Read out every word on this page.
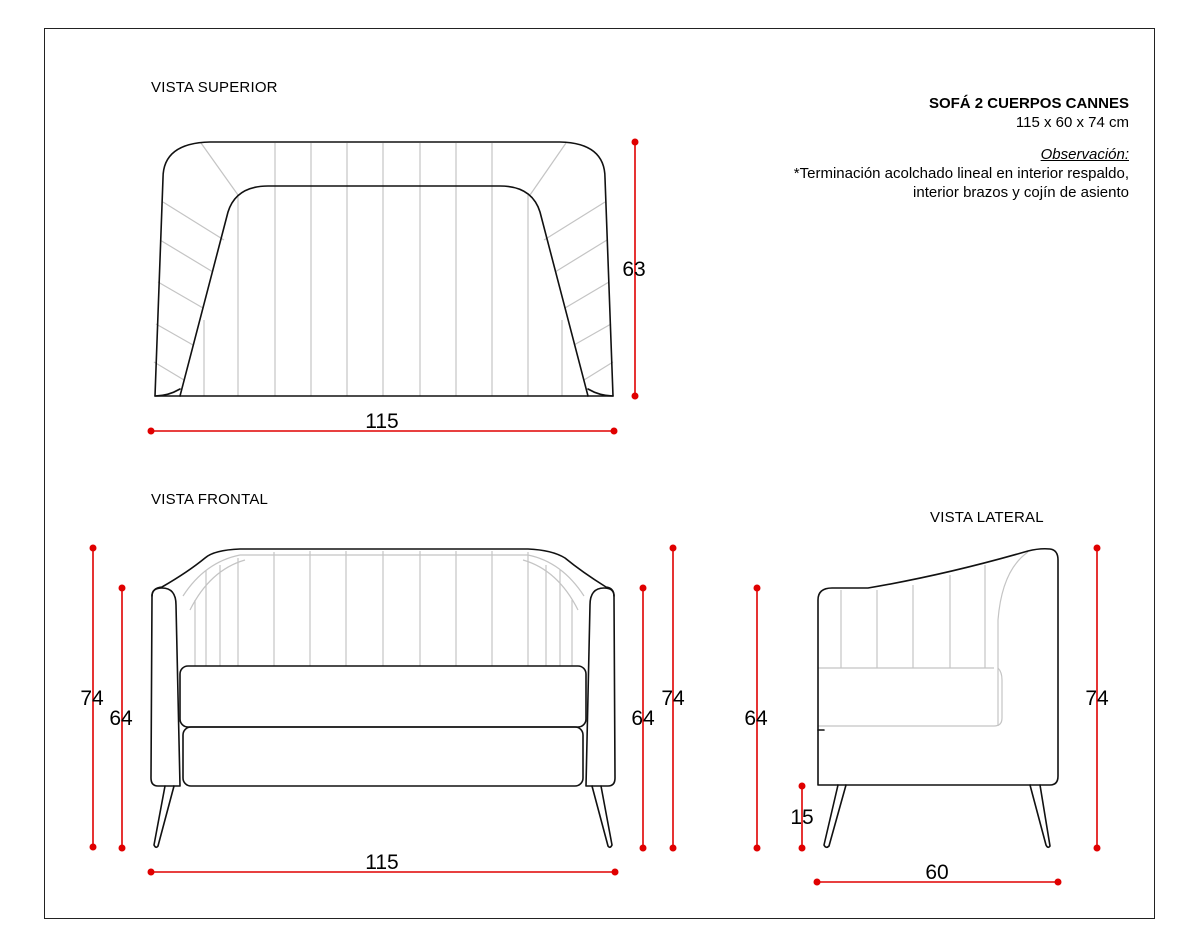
VISTA SUPERIOR
VISTA FRONTAL
VISTA LATERAL
SOFÁ 2 CUERPOS CANNES
115 x 60 x 74 cm
Observación:
*Terminación acolchado lineal en interior respaldo,
interior brazos y cojín de asiento
115
63
74
64	64
74
115
64
15
74
60
